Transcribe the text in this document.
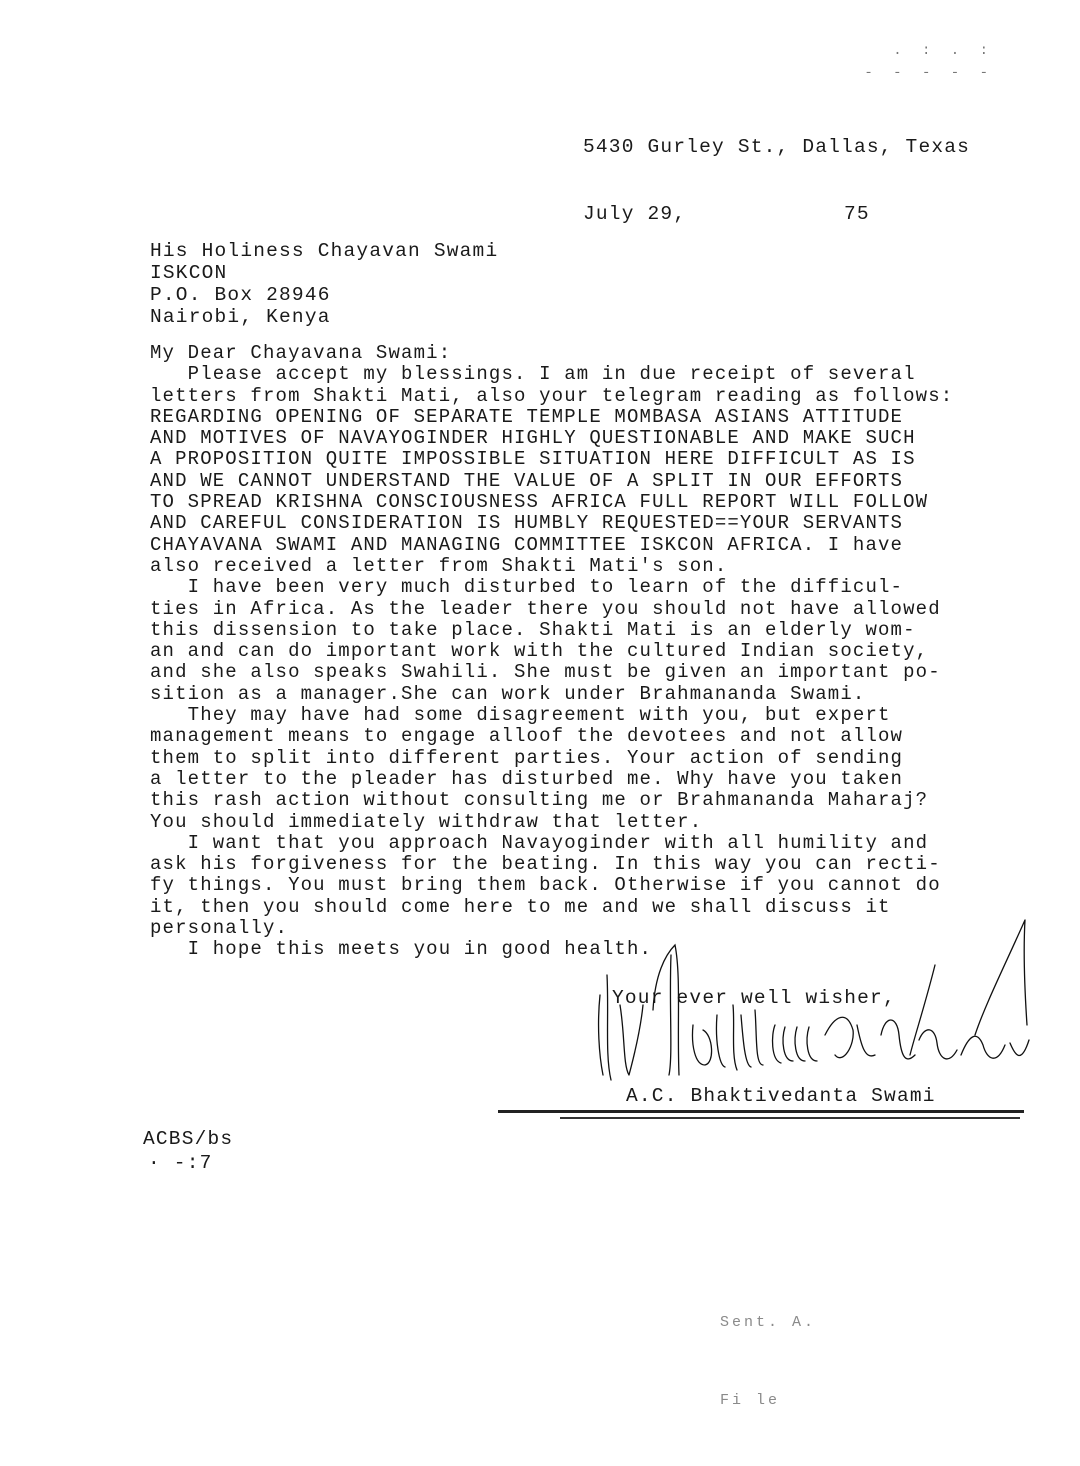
. : . :
- - - - -
5430 Gurley St., Dallas, Texas
July 29,	75
His Holiness Chayavan Swami
ISKCON
P.O. Box 28946
Nairobi, Kenya
My Dear Chayavana Swami:
Please accept my blessings. I am in due receipt of several
letters from Shakti Mati, also your telegram reading as follows:
REGARDING OPENING OF SEPARATE TEMPLE MOMBASA ASIANS ATTITUDE
AND MOTIVES OF NAVAYOGINDER HIGHLY QUESTIONABLE AND MAKE SUCH
A PROPOSITION QUITE IMPOSSIBLE SITUATION HERE DIFFICULT AS IS
AND WE CANNOT UNDERSTAND THE VALUE OF A SPLIT IN OUR EFFORTS
TO SPREAD KRISHNA CONSCIOUSNESS AFRICA FULL REPORT WILL FOLLOW
AND CAREFUL CONSIDERATION IS HUMBLY REQUESTED==YOUR SERVANTS
CHAYAVANA SWAMI AND MANAGING COMMITTEE ISKCON AFRICA. I have
also received a letter from Shakti Mati's son.
I have been very much disturbed to learn of the difficul-
ties in Africa. As the leader there you should not have allowed
this dissension to take place. Shakti Mati is an elderly wom-
an and can do important work with the cultured Indian society,
and she also speaks Swahili. She must be given an important po-
sition as a manager.She can work under Brahmananda Swami.
They may have had some disagreement with you, but expert
management means to engage alloof the devotees and not allow
them to split into different parties. Your action of sending
a letter to the pleader has disturbed me. Why have you taken
this rash action without consulting me or Brahmananda Maharaj?
You should immediately withdraw that letter.
I want that you approach Navayoginder with all humility and
ask his forgiveness for the beating. In this way you can recti-
fy things. You must bring them back. Otherwise if you cannot do
it, then you should come here to me and we shall discuss it
personally.
I hope this meets you in good health.
Your ever well wisher,
A.C. Bhaktivedanta Swami
ACBS/bs
· -:7

Sent. A.

Fi le
